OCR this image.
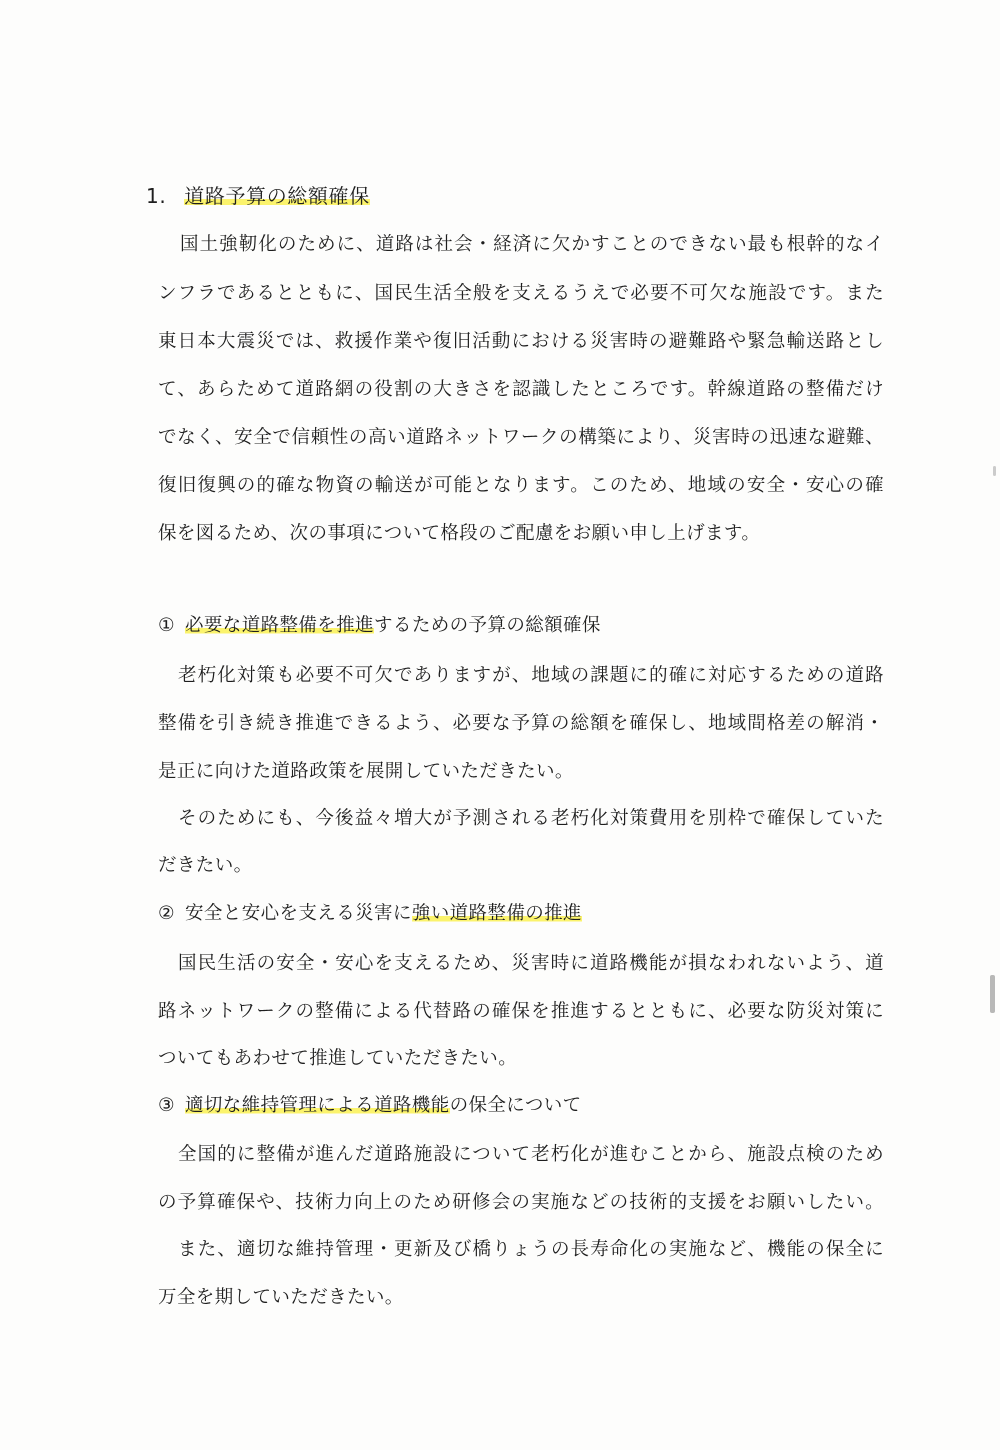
1. 道路予算の総額確保
国土強靭化のために、道路は社会・経済に欠かすことのできない最も根幹的なイ
ンフラであるとともに、国民生活全般を支えるうえで必要不可欠な施設です。また
東日本大震災では、救援作業や復旧活動における災害時の避難路や緊急輸送路とし
て、あらためて道路網の役割の大きさを認識したところです。幹線道路の整備だけ
でなく、安全で信頼性の高い道路ネットワークの構築により、災害時の迅速な避難、
復旧復興の的確な物資の輸送が可能となります。このため、地域の安全・安心の確
保を図るため、次の事項について格段のご配慮をお願い申し上げます。
① 必要な道路整備を推進するための予算の総額確保
老朽化対策も必要不可欠でありますが、地域の課題に的確に対応するための道路
整備を引き続き推進できるよう、必要な予算の総額を確保し、地域間格差の解消・
是正に向けた道路政策を展開していただきたい。
そのためにも、今後益々増大が予測される老朽化対策費用を別枠で確保していた
だきたい。
② 安全と安心を支える災害に強い道路整備の推進
国民生活の安全・安心を支えるため、災害時に道路機能が損なわれないよう、道
路ネットワークの整備による代替路の確保を推進するとともに、必要な防災対策に
ついてもあわせて推進していただきたい。
③ 適切な維持管理による道路機能の保全について
全国的に整備が進んだ道路施設について老朽化が進むことから、施設点検のため
の予算確保や、技術力向上のため研修会の実施などの技術的支援をお願いしたい。
また、適切な維持管理・更新及び橋りょうの長寿命化の実施など、機能の保全に
万全を期していただきたい。
